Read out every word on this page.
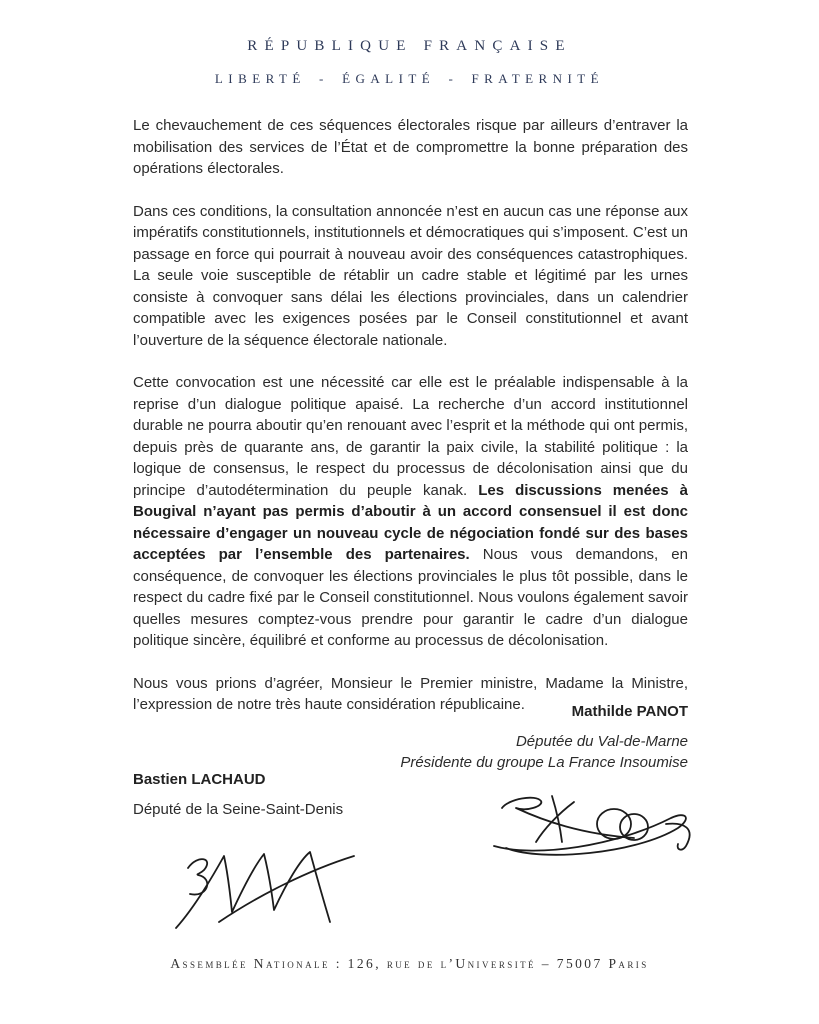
RÉPUBLIQUE FRANÇAISE
LIBERTÉ - ÉGALITÉ - FRATERNITÉ

Le chevauchement de ces séquences électorales risque par ailleurs d’entraver la mobilisation des services de l’État et de compromettre la bonne préparation des opérations électorales.

Dans ces conditions, la consultation annoncée n’est en aucun cas une réponse aux impératifs constitutionnels, institutionnels et démocratiques qui s’imposent. C’est un passage en force qui pourrait à nouveau avoir des conséquences catastrophiques. La seule voie susceptible de rétablir un cadre stable et légitimé par les urnes consiste à convoquer sans délai les élections provinciales, dans un calendrier compatible avec les exigences posées par le Conseil constitutionnel et avant l’ouverture de la séquence électorale nationale.

Cette convocation est une nécessité car elle est le préalable indispensable à la reprise d’un dialogue politique apaisé. La recherche d’un accord institutionnel durable ne pourra aboutir qu’en renouant avec l’esprit et la méthode qui ont permis, depuis près de quarante ans, de garantir la paix civile, la stabilité politique : la logique de consensus, le respect du processus de décolonisation ainsi que du principe d’autodétermination du peuple kanak. Les discussions menées à Bougival n’ayant pas permis d’aboutir à un accord consensuel il est donc nécessaire d’engager un nouveau cycle de négociation fondé sur des bases acceptées par l’ensemble des partenaires. Nous vous demandons, en conséquence, de convoquer les élections provinciales le plus tôt possible, dans le respect du cadre fixé par le Conseil constitutionnel. Nous voulons également savoir quelles mesures comptez-vous prendre pour garantir le cadre d’un dialogue politique sincère, équilibré et conforme au processus de décolonisation.

Nous vous prions d’agréer, Monsieur le Premier ministre, Madame la Ministre, l’expression de notre très haute considération républicaine.	Mathilde PANOT
Députée du Val-de-Marne
Présidente du groupe La France Insoumise
Bastien LACHAUD
Député de la Seine-Saint-Denis
Assemblée Nationale : 126, rue de l’Université – 75007 Paris
